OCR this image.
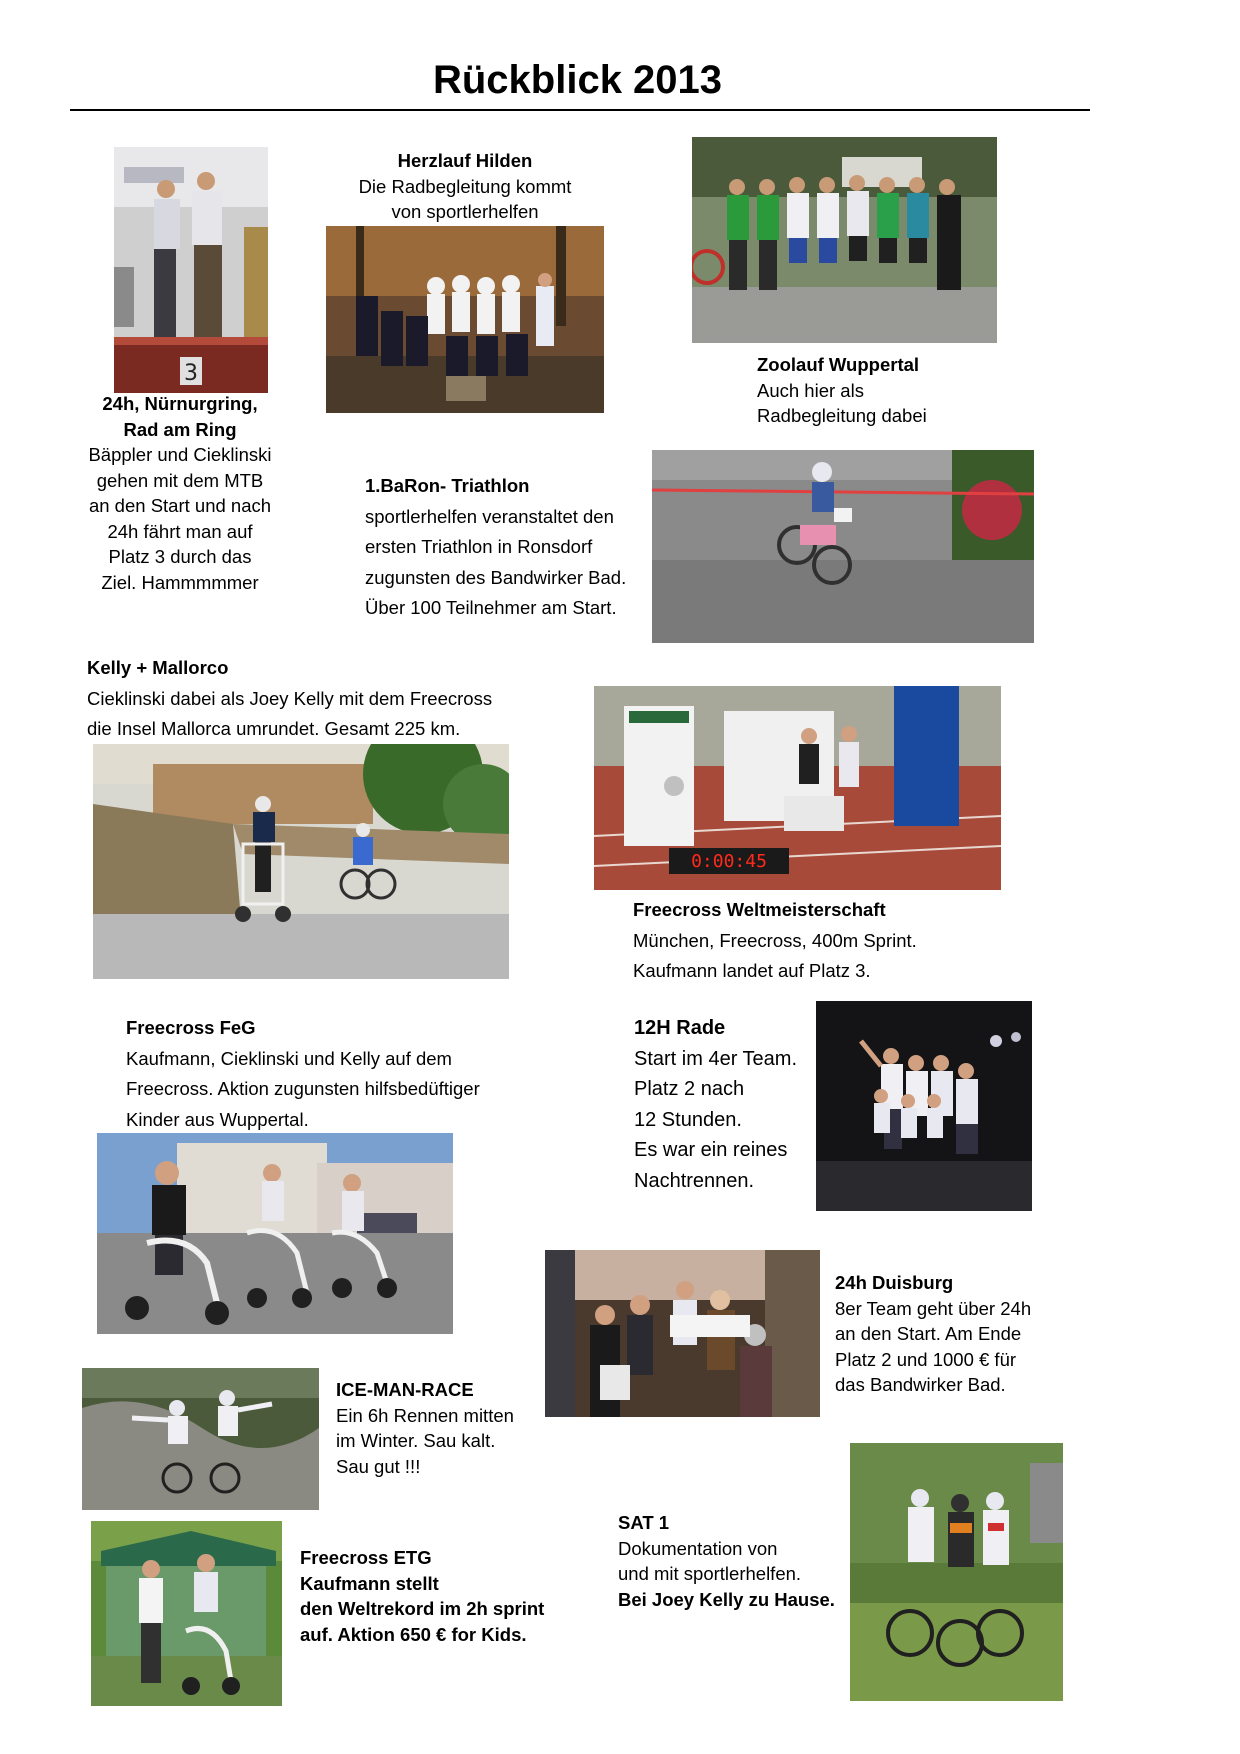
Rückblick 2013
3
24h, Nürnurgring,
Rad am Ring
Bäppler und Cieklinski
gehen mit dem MTB
an den Start und nach
24h fährt man auf
Platz 3 durch das
Ziel. Hammmmmer
Herzlauf Hilden
Die Radbegleitung kommt
von sportlerhelfen
Zoolauf Wuppertal
Auch hier als
Radbegleitung dabei
1.BaRon- Triathlon
sportlerhelfen veranstaltet den
ersten Triathlon in Ronsdorf
zugunsten des Bandwirker Bad.
Über 100 Teilnehmer am Start.
Kelly + Mallorco
Cieklinski dabei als Joey Kelly mit dem Freecross
die Insel Mallorca umrundet. Gesamt 225 km.
0:00:45
Freecross Weltmeisterschaft
München, Freecross, 400m Sprint.
Kaufmann landet auf Platz 3.
Freecross FeG
Kaufmann, Cieklinski und Kelly auf dem
Freecross. Aktion zugunsten hilfsbedüftiger
Kinder aus Wuppertal.
12H Rade
Start im 4er Team.
Platz 2 nach
12 Stunden.
Es war ein reines
Nachtrennen.
24h Duisburg
8er Team geht über 24h
an den Start. Am Ende
Platz 2 und 1000 € für
das Bandwirker Bad.
ICE-MAN-RACE
Ein 6h Rennen mitten
im Winter. Sau kalt.
Sau gut !!!
SAT 1
Dokumentation von
und mit sportlerhelfen.
Bei Joey Kelly zu Hause.
Freecross ETG
Kaufmann stellt
den Weltrekord im 2h sprint
auf. Aktion 650 € for Kids.
